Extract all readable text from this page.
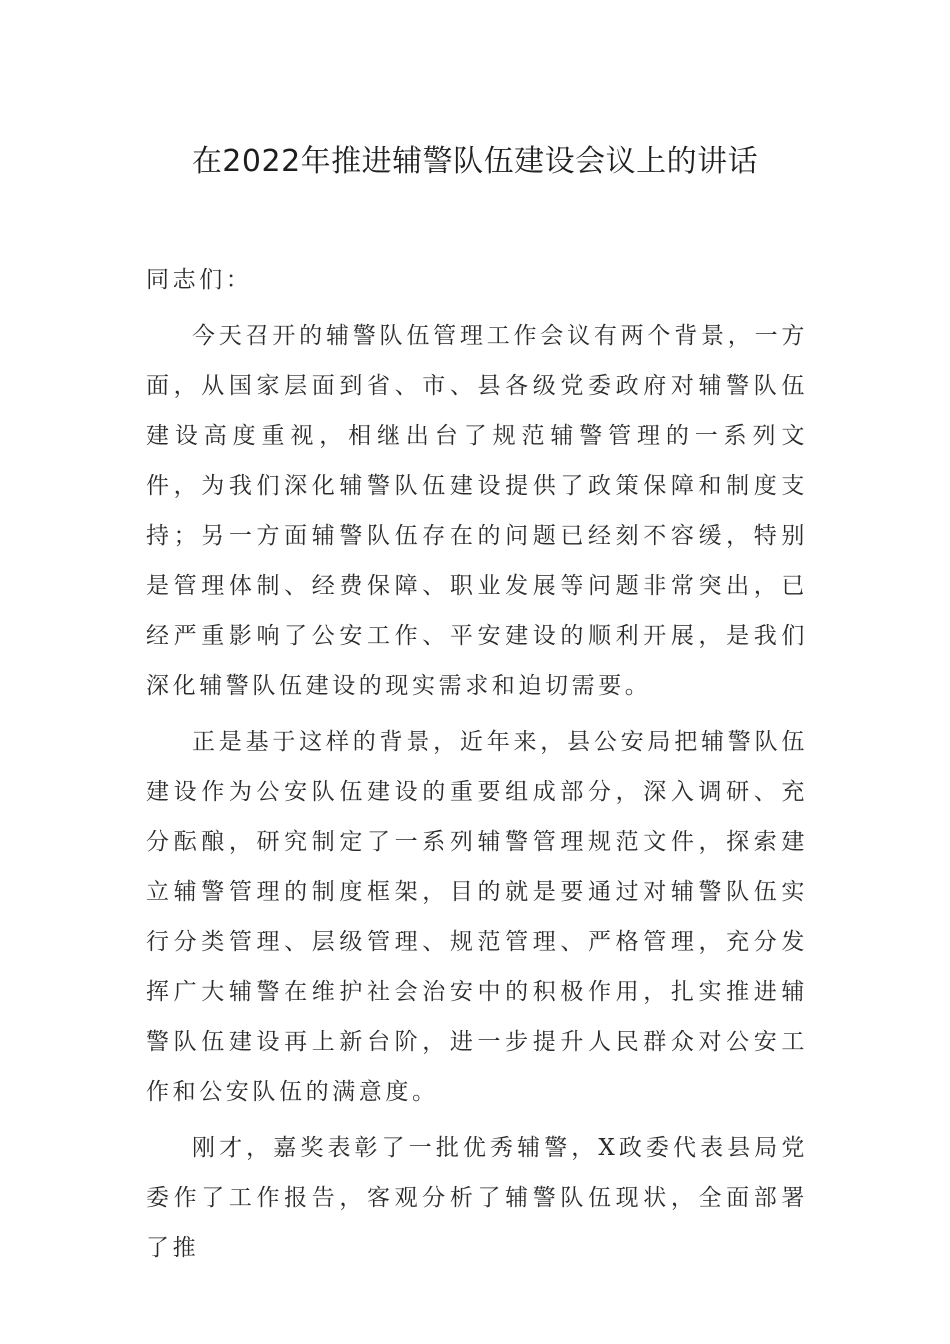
在2022年推进辅警队伍建设会议上的讲话

同志们：

今天召开的辅警队伍管理工作会议有两个背景，一方面，从国家层面到省、市、县各级党委政府对辅警队伍建设高度重视，相继出台了规范辅警管理的一系列文件，为我们深化辅警队伍建设提供了政策保障和制度支持；另一方面辅警队伍存在的问题已经刻不容缓，特别是管理体制、经费保障、职业发展等问题非常突出，已经严重影响了公安工作、平安建设的顺利开展，是我们深化辅警队伍建设的现实需求和迫切需要。

正是基于这样的背景，近年来，县公安局把辅警队伍建设作为公安队伍建设的重要组成部分，深入调研、充分酝酿，研究制定了一系列辅警管理规范文件，探索建立辅警管理的制度框架，目的就是要通过对辅警队伍实行分类管理、层级管理、规范管理、严格管理，充分发挥广大辅警在维护社会治安中的积极作用，扎实推进辅警队伍建设再上新台阶，进一步提升人民群众对公安工作和公安队伍的满意度。

刚才，嘉奖表彰了一批优秀辅警，X政委代表县局党委作了工作报告，客观分析了辅警队伍现状，全面部署了推
